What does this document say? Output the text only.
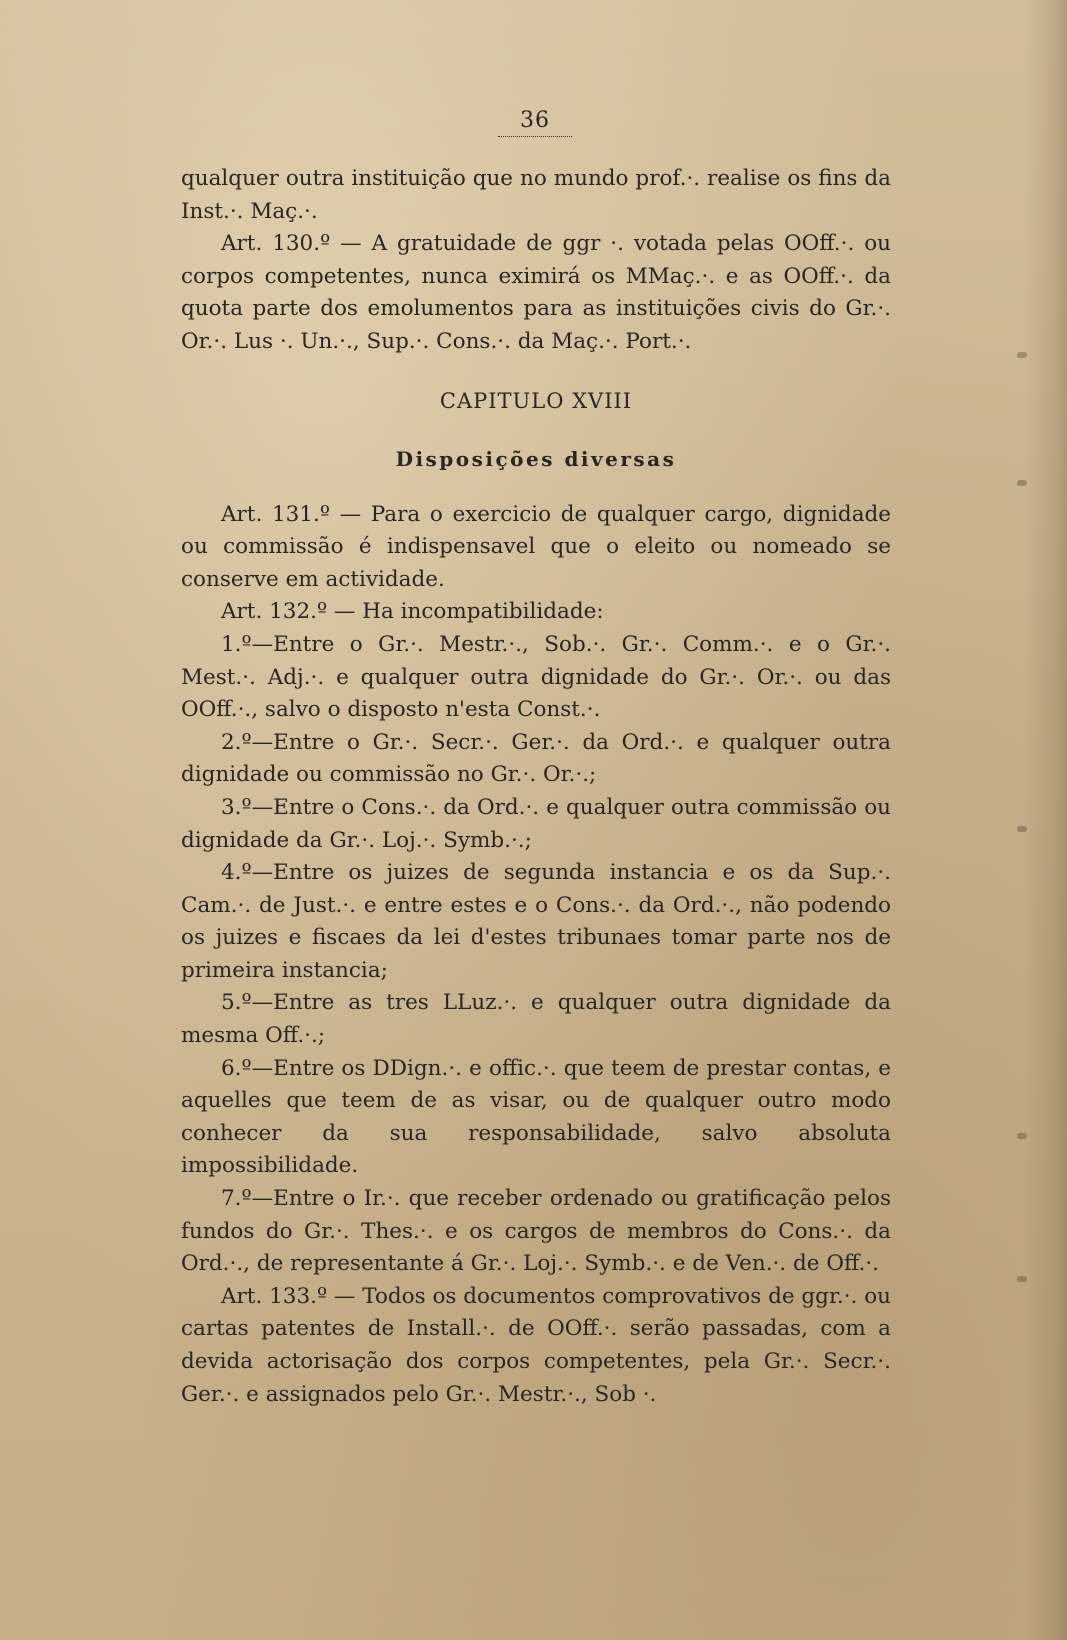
36

qualquer outra instituição que no mundo prof.·. realise os fins da Inst.·. Maç.·.

Art. 130.º — A gratuidade de ggr ·. votada pelas OOff.·. ou corpos competentes, nunca eximirá os MMaç.·. e as OOff.·. da quota parte dos emolumentos para as instituições civis do Gr.·. Or.·. Lus ·. Un.·., Sup.·. Cons.·. da Maç.·. Port.·.

CAPITULO XVIII

Disposições diversas

Art. 131.º — Para o exercicio de qualquer cargo, dignidade ou commissão é indispensavel que o eleito ou nomeado se conserve em actividade.

Art. 132.º — Ha incompatibilidade:

1.º—Entre o Gr.·. Mestr.·., Sob.·. Gr.·. Comm.·. e o Gr.·. Mest.·. Adj.·. e qualquer outra dignidade do Gr.·. Or.·. ou das OOff.·., salvo o disposto n'esta Const.·.

2.º—Entre o Gr.·. Secr.·. Ger.·. da Ord.·. e qualquer outra dignidade ou commissão no Gr.·. Or.·.;

3.º—Entre o Cons.·. da Ord.·. e qualquer outra commissão ou dignidade da Gr.·. Loj.·. Symb.·.;

4.º—Entre os juizes de segunda instancia e os da Sup.·. Cam.·. de Just.·. e entre estes e o Cons.·. da Ord.·., não podendo os juizes e fiscaes da lei d'estes tribunaes tomar parte nos de primeira instancia;

5.º—Entre as tres LLuz.·. e qualquer outra dignidade da mesma Off.·.;

6.º—Entre os DDign.·. e offic.·. que teem de prestar contas, e aquelles que teem de as visar, ou de qualquer outro modo conhecer da sua responsabilidade, salvo absoluta impossibilidade.

7.º—Entre o Ir.·. que receber ordenado ou gratificação pelos fundos do Gr.·. Thes.·. e os cargos de membros do Cons.·. da Ord.·., de representante á Gr.·. Loj.·. Symb.·. e de Ven.·. de Off.·.

Art. 133.º — Todos os documentos comprovativos de ggr.·. ou cartas patentes de Install.·. de OOff.·. serão passadas, com a devida actorisação dos corpos competentes, pela Gr.·. Secr.·. Ger.·. e assignados pelo Gr.·. Mestr.·., Sob ·.
